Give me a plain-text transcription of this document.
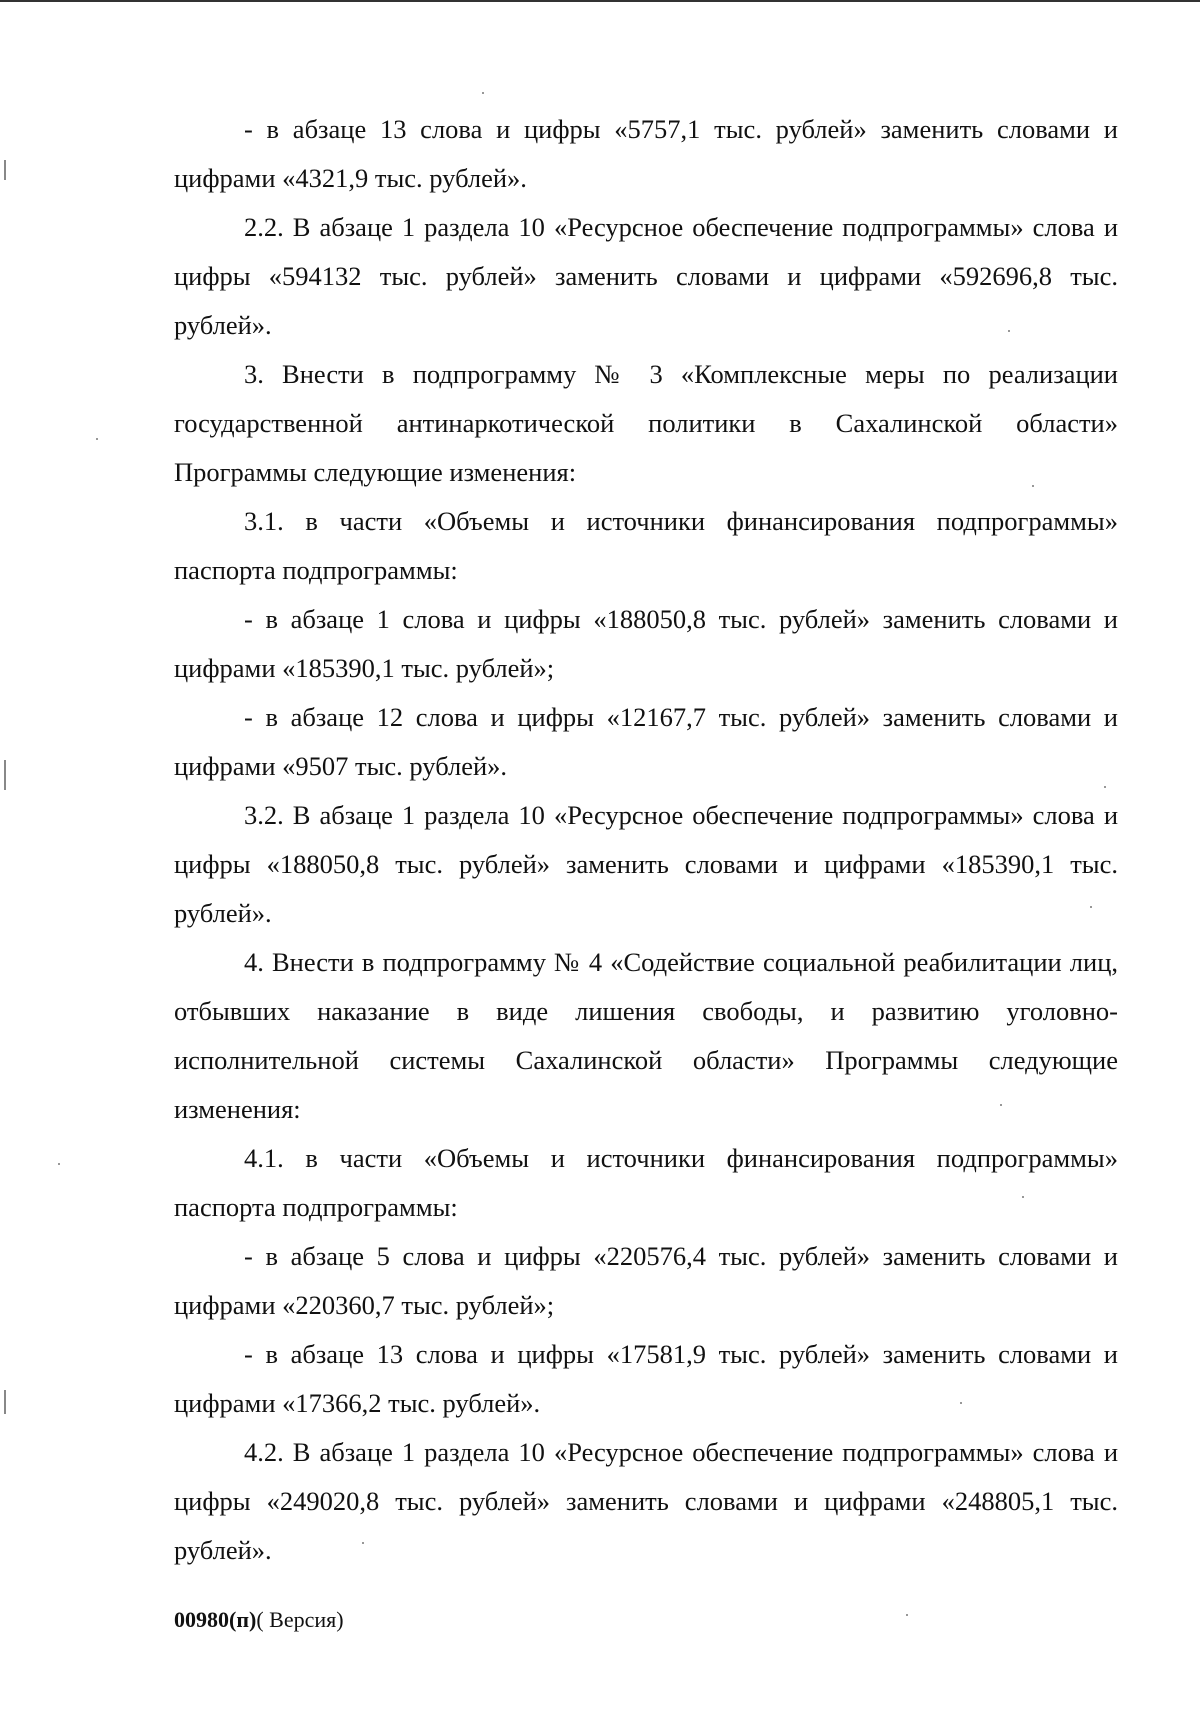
- в абзаце 13 слова и цифры «5757,1 тыс. рублей» заменить словами и цифрами «4321,9 тыс. рублей».

2.2. В абзаце 1 раздела 10 «Ресурсное обеспечение подпрограммы» слова и цифры «594132 тыс. рублей» заменить словами и цифрами «592696,8 тыс. рублей».

3. Внести в подпрограмму № 3 «Комплексные меры по реализации государственной антинаркотической политики в Сахалинской области» Программы следующие изменения:

3.1. в части «Объемы и источники финансирования подпрограммы» паспорта подпрограммы:

- в абзаце 1 слова и цифры «188050,8 тыс. рублей» заменить словами и цифрами «185390,1 тыс. рублей»;

- в абзаце 12 слова и цифры «12167,7 тыс. рублей» заменить словами и цифрами «9507 тыс. рублей».

3.2. В абзаце 1 раздела 10 «Ресурсное обеспечение подпрограммы» слова и цифры «188050,8 тыс. рублей» заменить словами и цифрами «185390,1 тыс. рублей».

4. Внести в подпрограмму № 4 «Содействие социальной реабилитации лиц, отбывших наказание в виде лишения свободы, и развитию уголовно-исполнительной системы Сахалинской области» Программы следующие изменения:

4.1. в части «Объемы и источники финансирования подпрограммы» паспорта подпрограммы:

- в абзаце 5 слова и цифры «220576,4 тыс. рублей» заменить словами и цифрами «220360,7 тыс. рублей»;

- в абзаце 13 слова и цифры «17581,9 тыс. рублей» заменить словами и цифрами «17366,2 тыс. рублей».

4.2. В абзаце 1 раздела 10 «Ресурсное обеспечение подпрограммы» слова и цифры «249020,8 тыс. рублей» заменить словами и цифрами «248805,1 тыс. рублей».

00980(п)( Версия)
